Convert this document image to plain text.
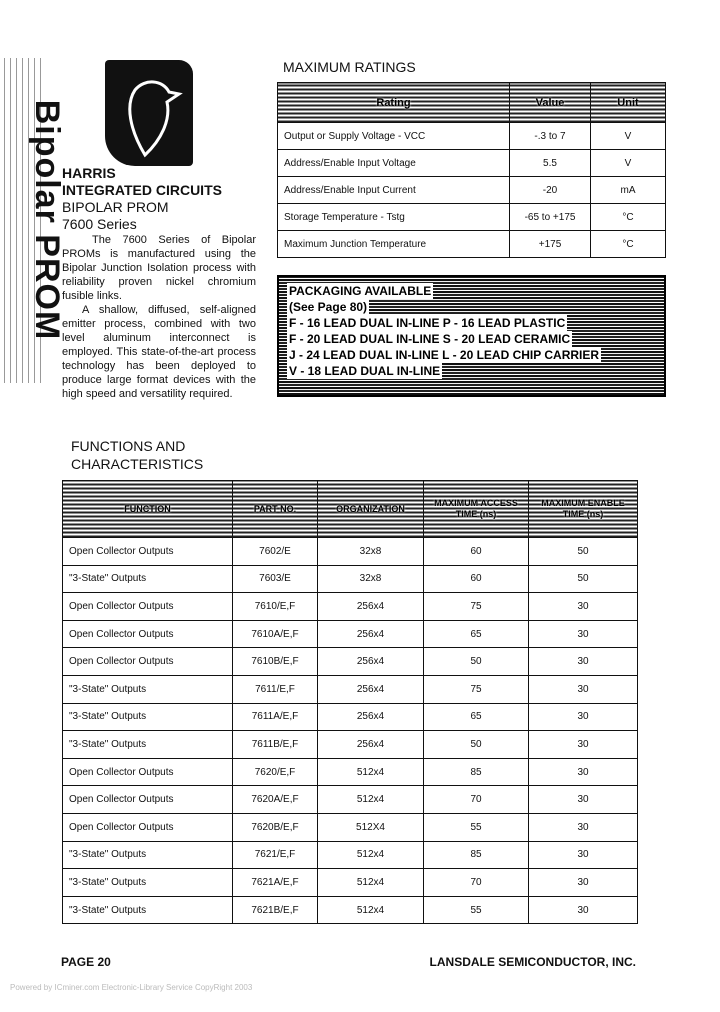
Bipolar PROM
HARRIS
INTEGRATED CIRCUITS
BIPOLAR PROM
7600 Series

The 7600 Series of Bipolar PROMs is manufactured using the Bipolar Junction Isolation process with reliability proven nickel chromium fusible links.

A shallow, diffused, self-aligned emitter process, combined with two level aluminum interconnect is employed. This state-of-the-art process technology has been deployed to produce large format devices with the high speed and versatility required.

MAXIMUM RATINGS
Rating	Value	Unit
Output or Supply Voltage - VCC	-.3 to 7	V
Address/Enable Input Voltage	5.5	V
Address/Enable Input Current	-20	mA
Storage Temperature - Tstg	-65 to +175	°C
Maximum Junction Temperature	+175	°C
PACKAGING AVAILABLE
(See Page 80)
F - 16 LEAD DUAL IN-LINE P - 16 LEAD PLASTIC
F - 20 LEAD DUAL IN-LINE S - 20 LEAD CERAMIC
J - 24 LEAD DUAL IN-LINE L - 20 LEAD CHIP CARRIER
V - 18 LEAD DUAL IN-LINE
FUNCTIONS AND
CHARACTERISTICS
FUNCTION	PART NO.	ORGANIZATION	MAXIMUM ACCESS TIME (ns)	MAXIMUM ENABLE TIME (ns)
Open Collector Outputs	7602/E	32x8	60	50
"3-State" Outputs	7603/E	32x8	60	50
Open Collector Outputs	7610/E,F	256x4	75	30
Open Collector Outputs	7610A/E,F	256x4	65	30
Open Collector Outputs	7610B/E,F	256x4	50	30
"3-State" Outputs	7611/E,F	256x4	75	30
"3-State" Outputs	7611A/E,F	256x4	65	30
"3-State" Outputs	7611B/E,F	256x4	50	30
Open Collector Outputs	7620/E,F	512x4	85	30
Open Collector Outputs	7620A/E,F	512x4	70	30
Open Collector Outputs	7620B/E,F	512X4	55	30
"3-State" Outputs	7621/E,F	512x4	85	30
"3-State" Outputs	7621A/E,F	512x4	70	30
"3-State" Outputs	7621B/E,F	512x4	55	30
PAGE 20	LANSDALE SEMICONDUCTOR, INC.
Powered by ICminer.com Electronic-Library Service CopyRight 2003
